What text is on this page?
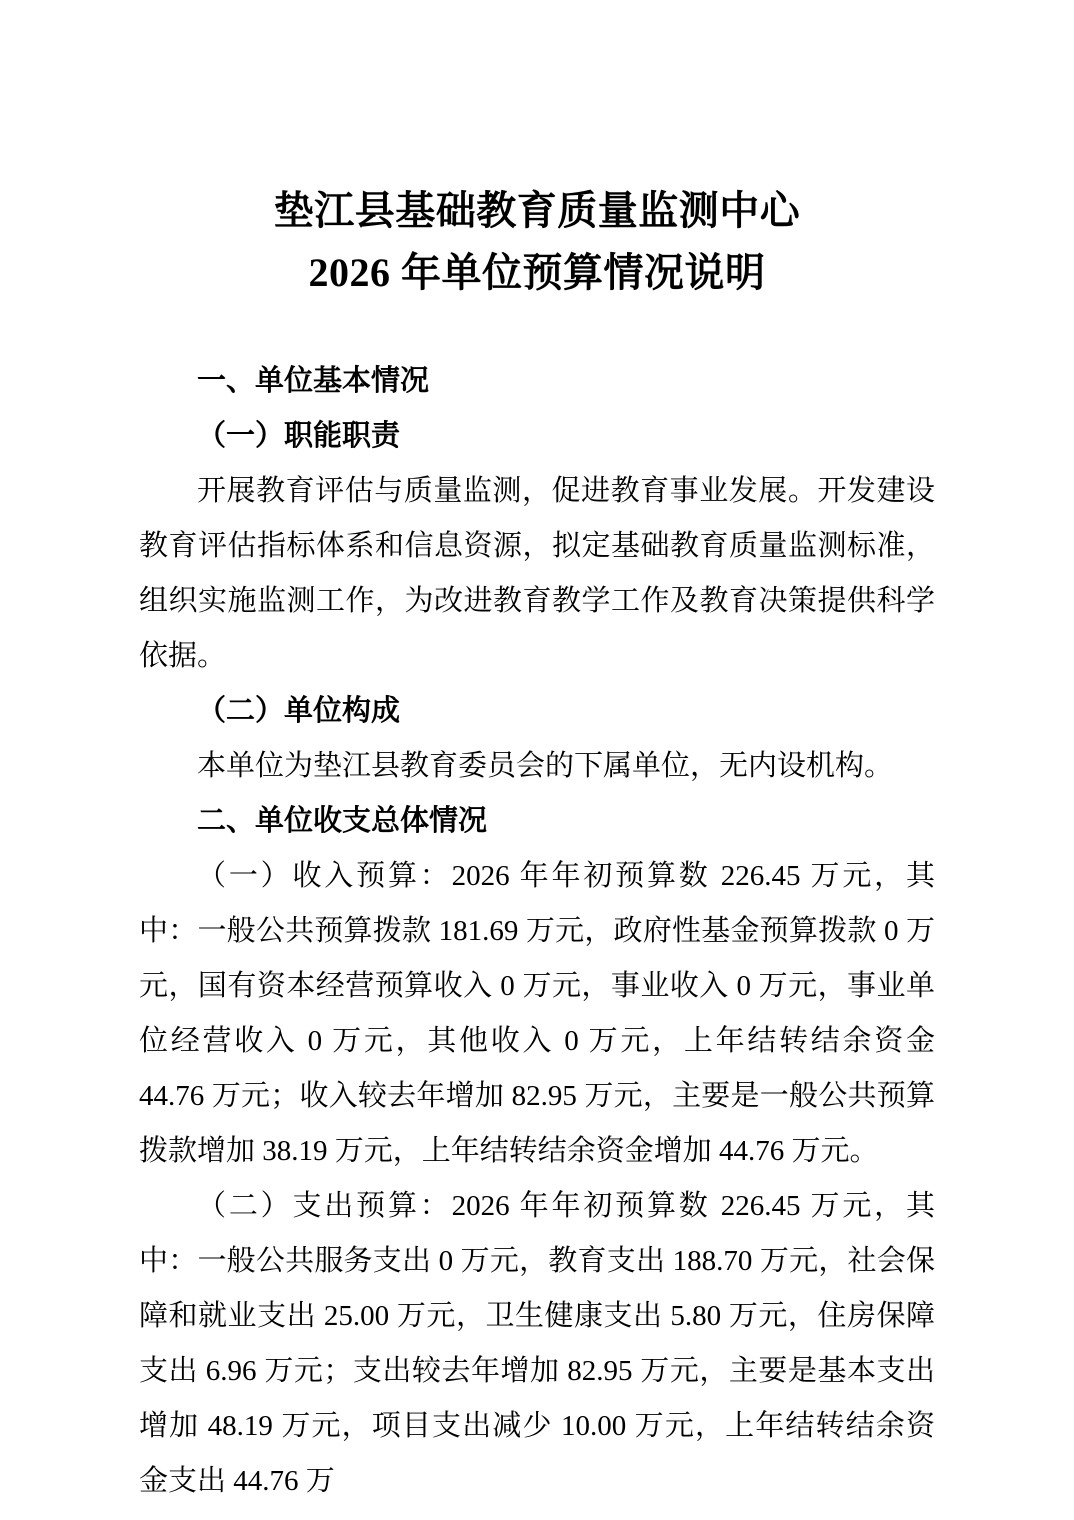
垫江县基础教育质量监测中心
2026 年单位预算情况说明

一、单位基本情况

（一）职能职责

开展教育评估与质量监测，促进教育事业发展。开发建设教育评估指标体系和信息资源，拟定基础教育质量监测标准，组织实施监测工作，为改进教育教学工作及教育决策提供科学依据。

（二）单位构成

本单位为垫江县教育委员会的下属单位，无内设机构。

二、单位收支总体情况

（一）收入预算：2026 年年初预算数 226.45 万元，其中：一般公共预算拨款 181.69 万元，政府性基金预算拨款 0 万元，国有资本经营预算收入 0 万元，事业收入 0 万元，事业单位经营收入 0 万元，其他收入 0 万元，上年结转结余资金 44.76 万元；收入较去年增加 82.95 万元，主要是一般公共预算拨款增加 38.19 万元，上年结转结余资金增加 44.76 万元。

（二）支出预算：2026 年年初预算数 226.45 万元，其中：一般公共服务支出 0 万元，教育支出 188.70 万元，社会保障和就业支出 25.00 万元，卫生健康支出 5.80 万元，住房保障支出 6.96 万元；支出较去年增加 82.95 万元，主要是基本支出增加 48.19 万元，项目支出减少 10.00 万元，上年结转结余资金支出 44.76 万
